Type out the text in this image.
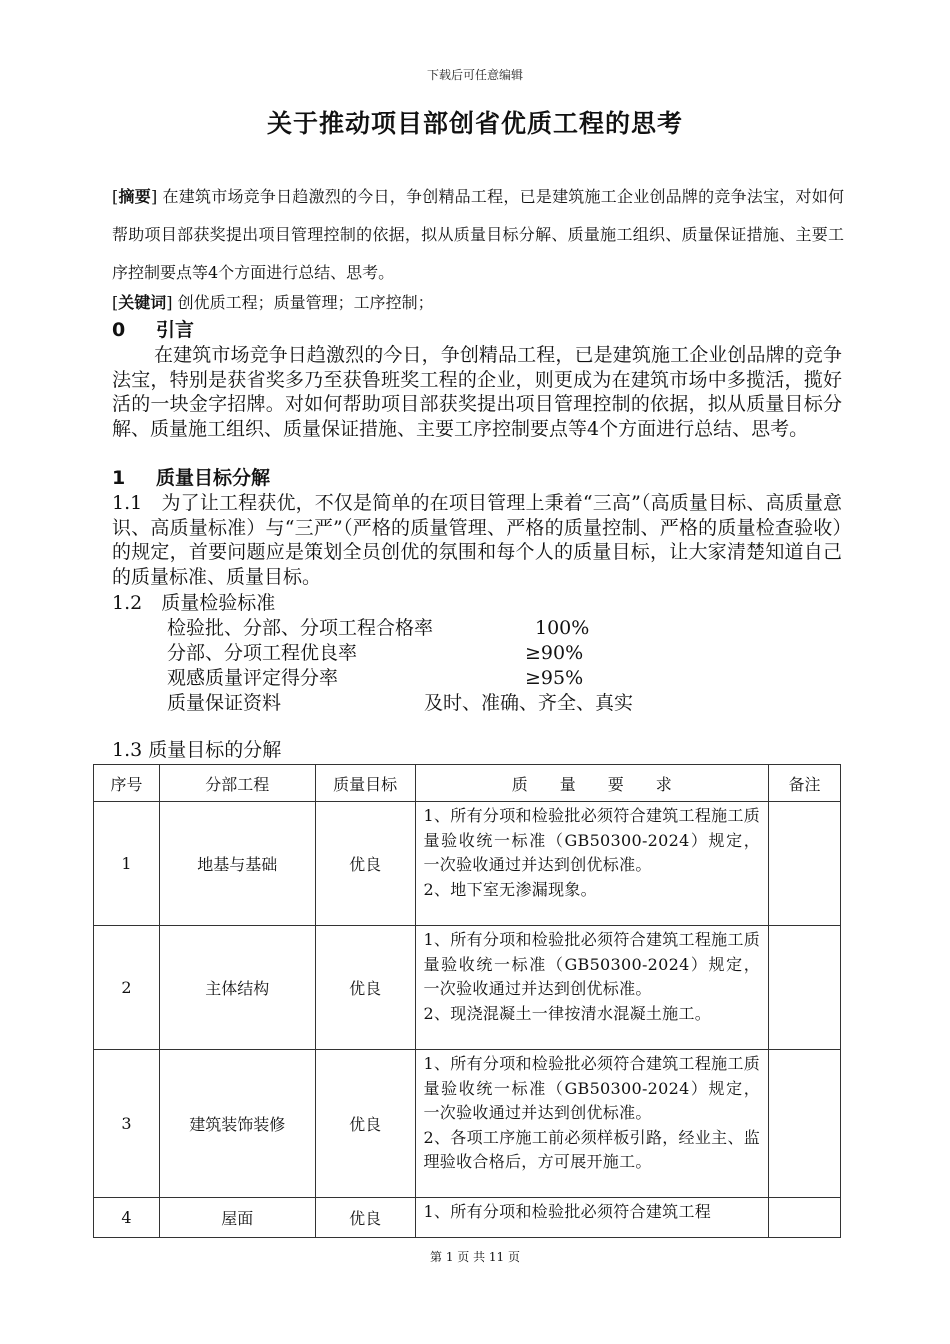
下载后可任意编辑
关于推动项目部创省优质工程的思考
[摘要] 在建筑市场竞争日趋激烈的今日，争创精品工程，已是建筑施工企业创品牌的竞争法宝，对如何帮助项目部获奖提出项目管理控制的依据，拟从质量目标分解、质量施工组织、质量保证措施、主要工序控制要点等4个方面进行总结、思考。
[关键词] 创优质工程；质量管理；工序控制；
0 引言
在建筑市场竞争日趋激烈的今日，争创精品工程，已是建筑施工企业创品牌的竞争法宝，特别是获省奖多乃至获鲁班奖工程的企业，则更成为在建筑市场中多揽活，揽好活的一块金字招牌。对如何帮助项目部获奖提出项目管理控制的依据，拟从质量目标分解、质量施工组织、质量保证措施、主要工序控制要点等4个方面进行总结、思考。
1 质量目标分解
1.1　为了让工程获优，不仅是简单的在项目管理上秉着“三高”（高质量目标、高质量意识、高质量标准）与“三严”（严格的质量管理、严格的质量控制、严格的质量检查验收）的规定，首要问题应是策划全员创优的氛围和每个人的质量目标，让大家清楚知道自己的质量标准、质量目标。
1.2　质量检验标准
检验批、分部、分项工程合格率	100%
分部、分项工程优良率	≥90%
观感质量评定得分率	≥95%
质量保证资料	及时、准确、齐全、真实
1.3 质量目标的分解
序号	分部工程	质量目标	质　　量　　要　　求	备注
1	地基与基础	优良	1、所有分项和检验批必须符合建筑工程施工质量验收统一标准（GB50300-2024）规定，一次验收通过并达到创优标准。
2、地下室无渗漏现象。	

2	主体结构	优良	1、所有分项和检验批必须符合建筑工程施工质量验收统一标准（GB50300-2024）规定，一次验收通过并达到创优标准。
2、现浇混凝土一律按清水混凝土施工。	

3	建筑装饰装修	优良	1、所有分项和检验批必须符合建筑工程施工质量验收统一标准（GB50300-2024）规定，一次验收通过并达到创优标准。
2、各项工序施工前必须样板引路，经业主、监理验收合格后，方可展开施工。	

4	屋面	优良	1、所有分项和检验批必须符合建筑工程	

第 1 页 共 11 页
